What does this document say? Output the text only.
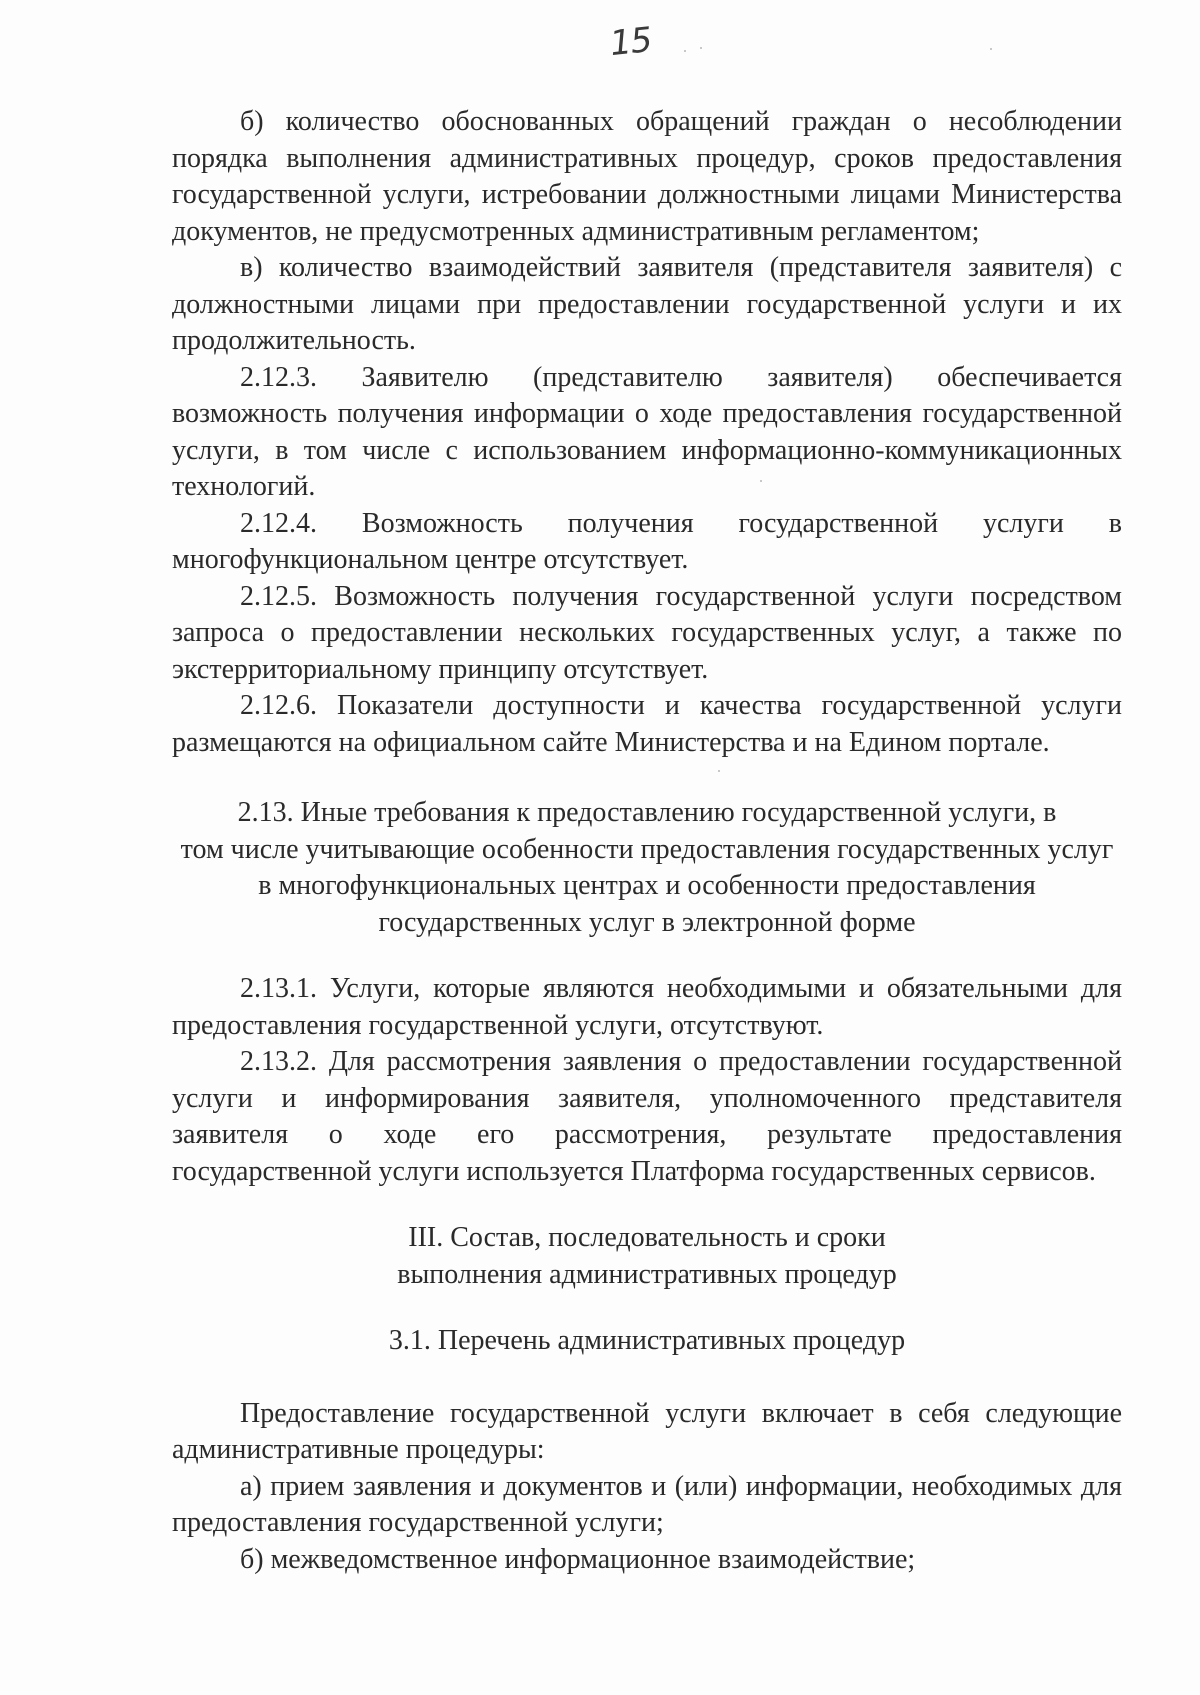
15

б) количество обоснованных обращений граждан о несоблюдении порядка выполнения административных процедур, сроков предоставления государственной услуги, истребовании должностными лицами Министерства документов, не предусмотренных административным регламентом;

в) количество взаимодействий заявителя (представителя заявителя) с должностными лицами при предоставлении государственной услуги и их продолжительность.

2.12.3. Заявителю (представителю заявителя) обеспечивается возможность получения информации о ходе предоставления государственной услуги, в том числе с использованием информационно-коммуникационных технологий.

2.12.4. Возможность получения государственной услуги в многофункциональном центре отсутствует.

2.12.5. Возможность получения государственной услуги посредством запроса о предоставлении нескольких государственных услуг, а также по экстерриториальному принципу отсутствует.

2.12.6. Показатели доступности и качества государственной услуги размещаются на официальном сайте Министерства и на Едином портале.

2.13. Иные требования к предоставлению государственной услуги, в

том числе учитывающие особенности предоставления государственных услуг

в многофункциональных центрах и особенности предоставления

государственных услуг в электронной форме

2.13.1. Услуги, которые являются необходимыми и обязательными для предоставления государственной услуги, отсутствуют.

2.13.2. Для рассмотрения заявления о предоставлении государственной услуги и информирования заявителя, уполномоченного представителя заявителя о ходе его рассмотрения, результате предоставления государственной услуги используется Платформа государственных сервисов.

III. Состав, последовательность и сроки

выполнения административных процедур

3.1. Перечень административных процедур

Предоставление государственной услуги включает в себя следующие административные процедуры:

а) прием заявления и документов и (или) информации, необходимых для предоставления государственной услуги;

б) межведомственное информационное взаимодействие;
